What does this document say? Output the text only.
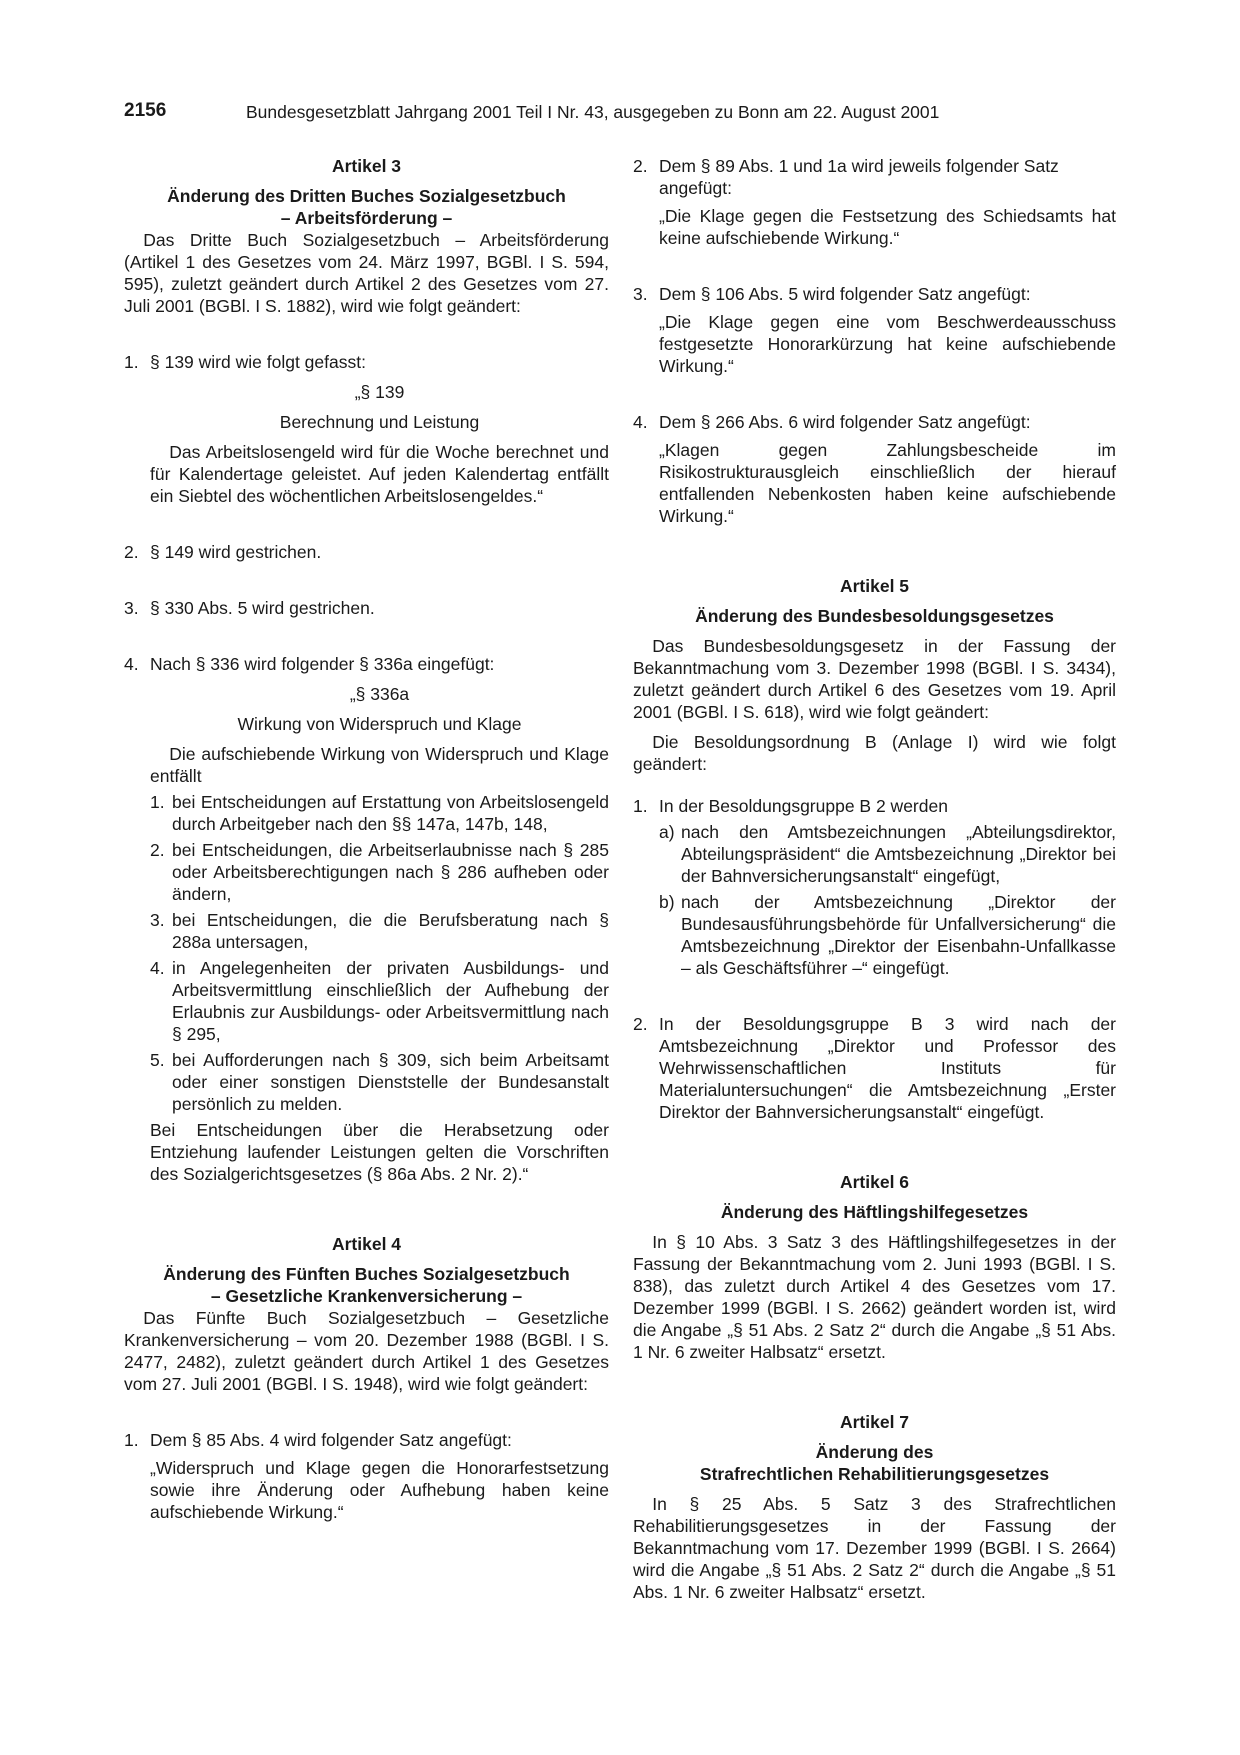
2156	Bundesgesetzblatt Jahrgang 2001 Teil I Nr. 43, ausgegeben zu Bonn am 22. August 2001

Artikel 3

Änderung des Dritten Buches Sozialgesetzbuch

– Arbeitsförderung –

Das Dritte Buch Sozialgesetzbuch – Arbeitsförderung (Artikel 1 des Gesetzes vom 24. März 1997, BGBl. I S. 594, 595), zuletzt geändert durch Artikel 2 des Gesetzes vom 27. Juli 2001 (BGBl. I S. 1882), wird wie folgt geändert:

1. § 139 wird wie folgt gefasst:

„§ 139

Berechnung und Leistung

Das Arbeitslosengeld wird für die Woche berechnet und für Kalendertage geleistet. Auf jeden Kalendertag entfällt ein Siebtel des wöchentlichen Arbeitslosengeldes.“

2. § 149 wird gestrichen.
3. § 330 Abs. 5 wird gestrichen.
4. Nach § 336 wird folgender § 336a eingefügt:

„§ 336a

Wirkung von Widerspruch und Klage

Die aufschiebende Wirkung von Widerspruch und Klage entfällt

1. bei Entscheidungen auf Erstattung von Arbeitslosengeld durch Arbeitgeber nach den §§ 147a, 147b, 148,
2. bei Entscheidungen, die Arbeitserlaubnisse nach § 285 oder Arbeitsberechtigungen nach § 286 aufheben oder ändern,
3. bei Entscheidungen, die die Berufsberatung nach § 288a untersagen,
4. in Angelegenheiten der privaten Ausbildungs- und Arbeitsvermittlung einschließlich der Aufhebung der Erlaubnis zur Ausbildungs- oder Arbeitsvermittlung nach § 295,
5. bei Aufforderungen nach § 309, sich beim Arbeitsamt oder einer sonstigen Dienststelle der Bundesanstalt persönlich zu melden.

Bei Entscheidungen über die Herabsetzung oder Entziehung laufender Leistungen gelten die Vorschriften des Sozialgerichtsgesetzes (§ 86a Abs. 2 Nr. 2).“

Artikel 4

Änderung des Fünften Buches Sozialgesetzbuch

– Gesetzliche Krankenversicherung –

Das Fünfte Buch Sozialgesetzbuch – Gesetzliche Krankenversicherung – vom 20. Dezember 1988 (BGBl. I S. 2477, 2482), zuletzt geändert durch Artikel 1 des Gesetzes vom 27. Juli 2001 (BGBl. I S. 1948), wird wie folgt geändert:

1. Dem § 85 Abs. 4 wird folgender Satz angefügt:

„Widerspruch und Klage gegen die Honorarfestsetzung sowie ihre Änderung oder Aufhebung haben keine aufschiebende Wirkung.“

2. Dem § 89 Abs. 1 und 1a wird jeweils folgender Satz angefügt:

„Die Klage gegen die Festsetzung des Schiedsamts hat keine aufschiebende Wirkung.“

3. Dem § 106 Abs. 5 wird folgender Satz angefügt:

„Die Klage gegen eine vom Beschwerdeausschuss festgesetzte Honorarkürzung hat keine aufschiebende Wirkung.“

4. Dem § 266 Abs. 6 wird folgender Satz angefügt:

„Klagen gegen Zahlungsbescheide im Risikostrukturausgleich einschließlich der hierauf entfallenden Nebenkosten haben keine aufschiebende Wirkung.“

Artikel 5

Änderung des Bundesbesoldungsgesetzes

Das Bundesbesoldungsgesetz in der Fassung der Bekanntmachung vom 3. Dezember 1998 (BGBl. I S. 3434), zuletzt geändert durch Artikel 6 des Gesetzes vom 19. April 2001 (BGBl. I S. 618), wird wie folgt geändert:

Die Besoldungsordnung B (Anlage I) wird wie folgt geändert:

1. In der Besoldungsgruppe B 2 werden
a) nach den Amtsbezeichnungen „Abteilungsdirektor, Abteilungspräsident“ die Amtsbezeichnung „Direktor bei der Bahnversicherungsanstalt“ eingefügt,
b) nach der Amtsbezeichnung „Direktor der Bundesausführungsbehörde für Unfallversicherung“ die Amtsbezeichnung „Direktor der Eisenbahn-Unfallkasse – als Geschäftsführer –“ eingefügt.
2. In der Besoldungsgruppe B 3 wird nach der Amtsbezeichnung „Direktor und Professor des Wehrwissenschaftlichen Instituts für Materialuntersuchungen“ die Amtsbezeichnung „Erster Direktor der Bahnversicherungsanstalt“ eingefügt.

Artikel 6

Änderung des Häftlingshilfegesetzes

In § 10 Abs. 3 Satz 3 des Häftlingshilfegesetzes in der Fassung der Bekanntmachung vom 2. Juni 1993 (BGBl. I S. 838), das zuletzt durch Artikel 4 des Gesetzes vom 17. Dezember 1999 (BGBl. I S. 2662) geändert worden ist, wird die Angabe „§ 51 Abs. 2 Satz 2“ durch die Angabe „§ 51 Abs. 1 Nr. 6 zweiter Halbsatz“ ersetzt.

Artikel 7

Änderung des

Strafrechtlichen Rehabilitierungsgesetzes

In § 25 Abs. 5 Satz 3 des Strafrechtlichen Rehabilitierungsgesetzes in der Fassung der Bekanntmachung vom 17. Dezember 1999 (BGBl. I S. 2664) wird die Angabe „§ 51 Abs. 2 Satz 2“ durch die Angabe „§ 51 Abs. 1 Nr. 6 zweiter Halbsatz“ ersetzt.
